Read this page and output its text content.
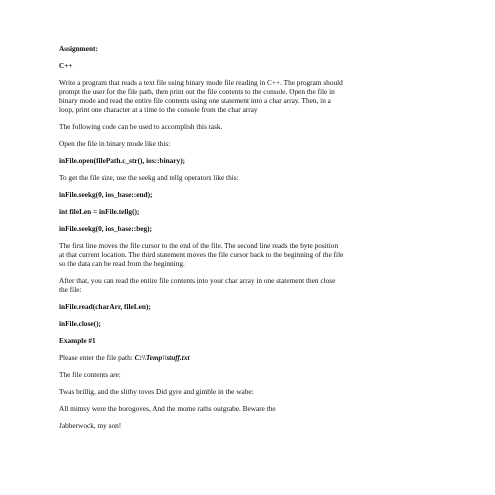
Assignment:
C++
Write a program that reads a text file using binary mode file reading in C++. The program should
prompt the user for the file path, then print out the file contents to the console. Open the file in
binary mode and read the entire file contents using one statement into a char array. Then, in a
loop, print one character at a time to the console from the char array
The following code can be used to accomplish this task.
Open the file in binary mode like this:
inFile.open(filePath.c_str(), ios::binary);
To get the file size, use the seekg and tellg operators like this:
inFile.seekg(0, ios_base::end);
int fileLen = inFile.tellg();
inFile.seekg(0, ios_base::beg);
The first line moves the file cursor to the end of the file. The second line reads the byte position
at that current location. The third statement moves the file cursor back to the beginning of the file
so the data can be read from the beginning.
After that, you can read the entire file contents into your char array in one statement then close
the file:
inFile.read(charArr, fileLen);
inFile.close();
Example #1
Please enter the file path: C:\\Temp\\stuff.txt
The file contents are:
Twas brillig, and the slithy toves Did gyre and gimble in the wabe:
All mimsy were the borogoves, And the mome raths outgrabe. Beware the
Jabberwock, my son!
